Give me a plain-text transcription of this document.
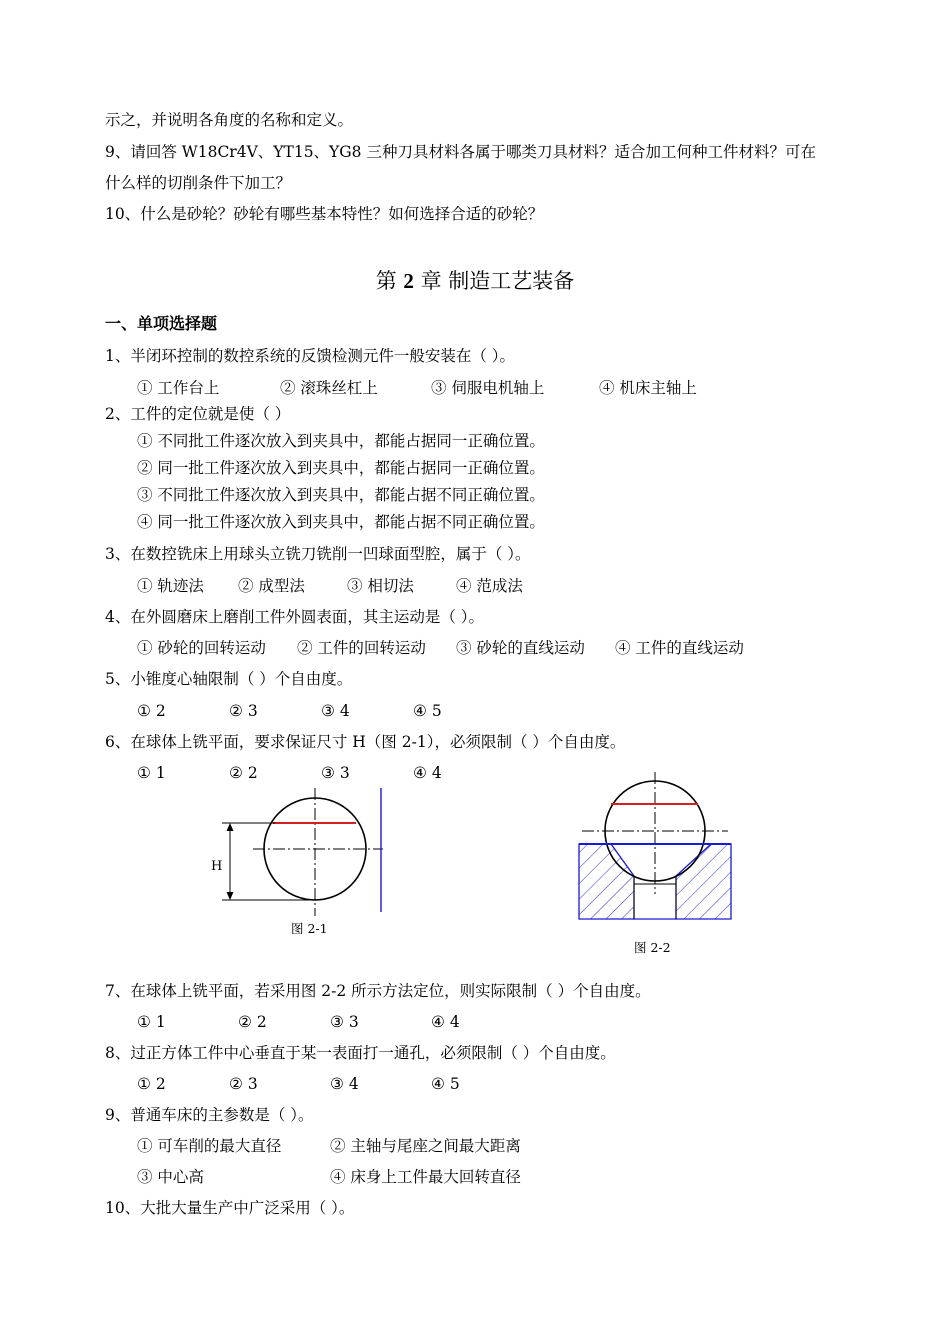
示之，并说明各角度的名称和定义。
9、请回答 W18Cr4V、YT15、YG8 三种刀具材料各属于哪类刀具材料？适合加工何种工件材料？可在
什么样的切削条件下加工？
10、什么是砂轮？砂轮有哪些基本特性？如何选择合适的砂轮？
第 2 章 制造工艺装备
一、单项选择题
1、半闭环控制的数控系统的反馈检测元件一般安装在（ ）。
① 工作台上	② 滚珠丝杠上	③ 伺服电机轴上	④ 机床主轴上
2、工件的定位就是使（ ）
① 不同批工件逐次放入到夹具中，都能占据同一正确位置。
② 同一批工件逐次放入到夹具中，都能占据同一正确位置。
③ 不同批工件逐次放入到夹具中，都能占据不同正确位置。
④ 同一批工件逐次放入到夹具中，都能占据不同正确位置。
3、在数控铣床上用球头立铣刀铣削一凹球面型腔，属于（ ）。
① 轨迹法 ② 成型法	③ 相切法	④ 范成法
4、在外圆磨床上磨削工件外圆表面，其主运动是（ ）。
① 砂轮的回转运动 ② 工件的回转运动 ③ 砂轮的直线运动 ④ 工件的直线运动
5、小锥度心轴限制（ ）个自由度。
① 2	② 3	③ 4	④ 5
6、在球体上铣平面，要求保证尺寸 H（图 2-1），必须限制（ ）个自由度。
① 1	② 2	③ 3	④ 4
H
图 2-1
图 2-2
7、在球体上铣平面，若采用图 2-2 所示方法定位，则实际限制（ ）个自由度。
① 1	② 2	③ 3	④ 4
8、过正方体工件中心垂直于某一表面打一通孔，必须限制（ ）个自由度。
① 2	② 3	③ 4	④ 5
9、普通车床的主参数是（ ）。
① 可车削的最大直径	② 主轴与尾座之间最大距离
③ 中心高	④ 床身上工件最大回转直径
10、大批大量生产中广泛采用（ ）。
